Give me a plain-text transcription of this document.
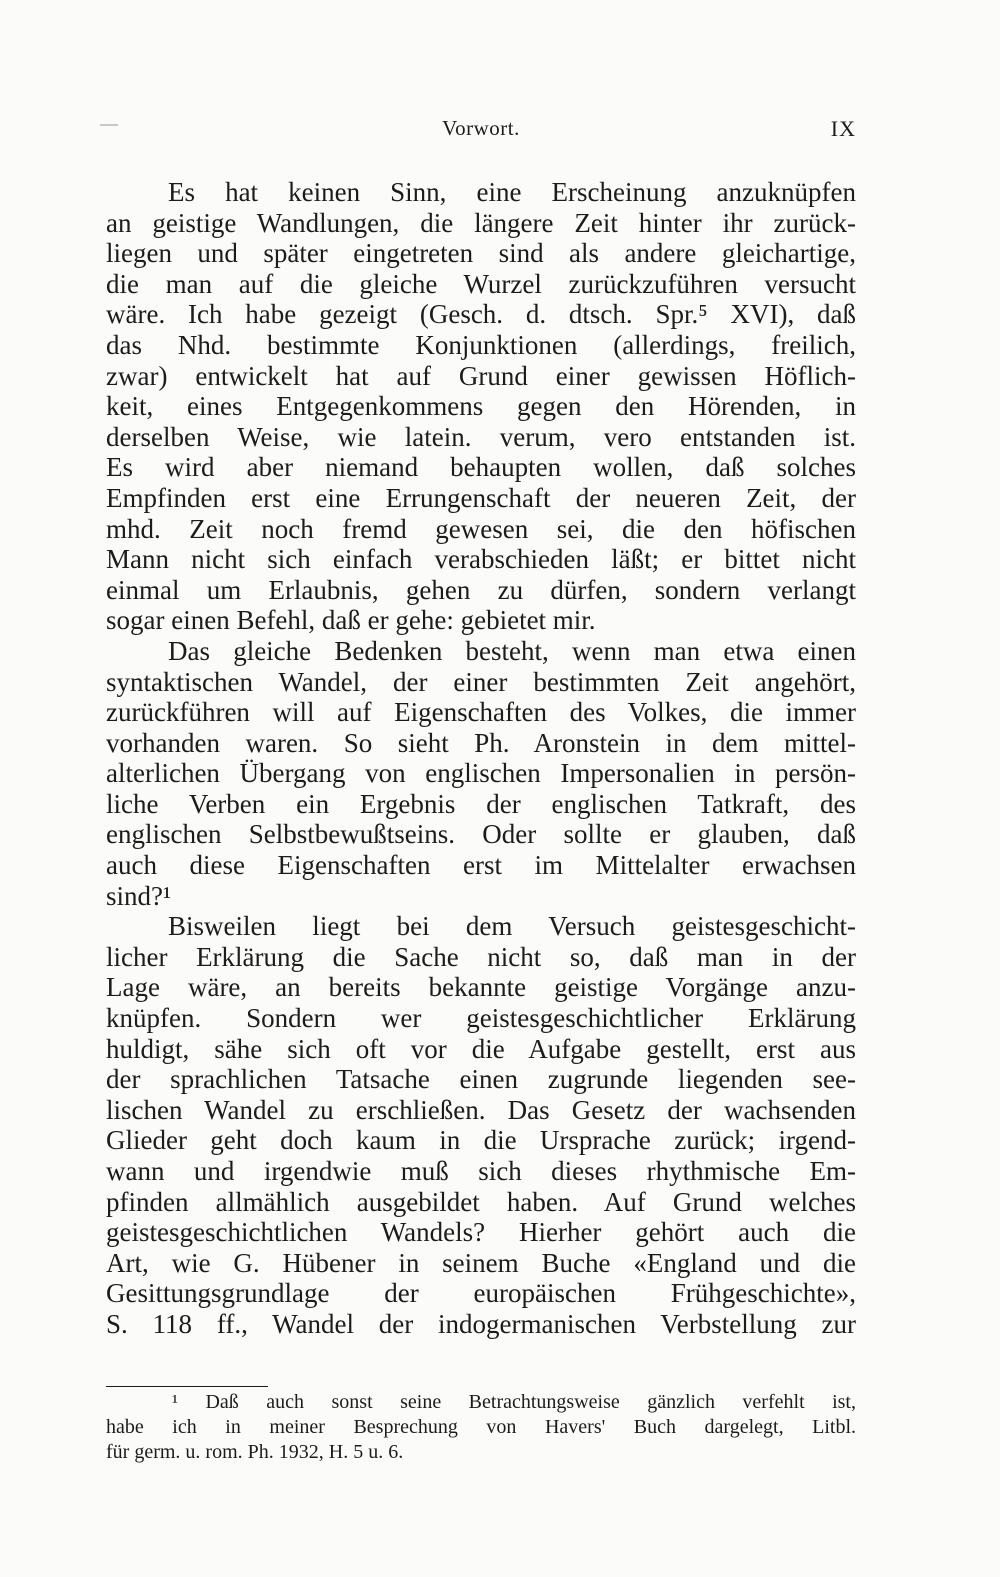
Vorwort.	IX
Es hat keinen Sinn, eine Erscheinung anzuknüpfen
an geistige Wandlungen, die längere Zeit hinter ihr zurück-
liegen und später eingetreten sind als andere gleichartige,
die man auf die gleiche Wurzel zurückzuführen versucht
wäre. Ich habe gezeigt (Gesch. d. dtsch. Spr.⁵ XVI), daß
das Nhd. bestimmte Konjunktionen (allerdings, freilich,
zwar) entwickelt hat auf Grund einer gewissen Höflich-
keit, eines Entgegenkommens gegen den Hörenden, in
derselben Weise, wie latein. verum, vero entstanden ist.
Es wird aber niemand behaupten wollen, daß solches
Empfinden erst eine Errungenschaft der neueren Zeit, der
mhd. Zeit noch fremd gewesen sei, die den höfischen
Mann nicht sich einfach verabschieden läßt; er bittet nicht
einmal um Erlaubnis, gehen zu dürfen, sondern verlangt
sogar einen Befehl, daß er gehe: gebietet mir.
Das gleiche Bedenken besteht, wenn man etwa einen
syntaktischen Wandel, der einer bestimmten Zeit angehört,
zurückführen will auf Eigenschaften des Volkes, die immer
vorhanden waren. So sieht Ph. Aronstein in dem mittel-
alterlichen Übergang von englischen Impersonalien in persön-
liche Verben ein Ergebnis der englischen Tatkraft, des
englischen Selbstbewußtseins. Oder sollte er glauben, daß
auch diese Eigenschaften erst im Mittelalter erwachsen
sind?¹
Bisweilen liegt bei dem Versuch geistesgeschicht-
licher Erklärung die Sache nicht so, daß man in der
Lage wäre, an bereits bekannte geistige Vorgänge anzu-
knüpfen. Sondern wer geistesgeschichtlicher Erklärung
huldigt, sähe sich oft vor die Aufgabe gestellt, erst aus
der sprachlichen Tatsache einen zugrunde liegenden see-
lischen Wandel zu erschließen. Das Gesetz der wachsenden
Glieder geht doch kaum in die Ursprache zurück; irgend-
wann und irgendwie muß sich dieses rhythmische Em-
pfinden allmählich ausgebildet haben. Auf Grund welches
geistesgeschichtlichen Wandels? Hierher gehört auch die
Art, wie G. Hübener in seinem Buche «England und die
Gesittungsgrundlage der europäischen Frühgeschichte»,
S. 118 ff., Wandel der indogermanischen Verbstellung zur
¹ Daß auch sonst seine Betrachtungsweise gänzlich verfehlt ist,
habe ich in meiner Besprechung von Havers' Buch dargelegt, Litbl.
für germ. u. rom. Ph. 1932, H. 5 u. 6.
